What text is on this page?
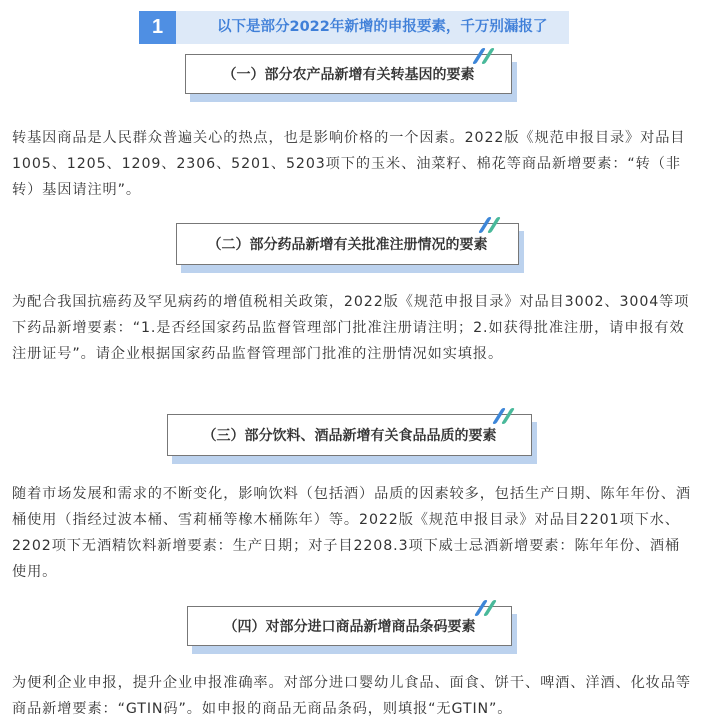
1	以下是部分2022年新增的申报要素，千万别漏报了
（一）部分农产品新增有关转基因的要素

转基因商品是人民群众普遍关心的热点，也是影响价格的一个因素。2022版《规范申报目录》对品目1005、1205、1209、2306、5201、5203项下的玉米、油菜籽、棉花等商品新增要素：“转（非转）基因请注明”。

（二）部分药品新增有关批准注册情况的要素

为配合我国抗癌药及罕见病药的增值税相关政策，2022版《规范申报目录》对品目3002、3004等项下药品新增要素：“1.是否经国家药品监督管理部门批准注册请注明；2.如获得批准注册，请申报有效注册证号”。请企业根据国家药品监督管理部门批准的注册情况如实填报。

（三）部分饮料、酒品新增有关食品品质的要素

随着市场发展和需求的不断变化，影响饮料（包括酒）品质的因素较多，包括生产日期、陈年年份、酒桶使用（指经过波本桶、雪莉桶等橡木桶陈年）等。2022版《规范申报目录》对品目2201项下水、2202项下无酒精饮料新增要素：生产日期；对子目2208.3项下威士忌酒新增要素：陈年年份、酒桶使用。

（四）对部分进口商品新增商品条码要素

为便利企业申报，提升企业申报准确率。对部分进口婴幼儿食品、面食、饼干、啤酒、洋酒、化妆品等商品新增要素：“GTIN码”。如申报的商品无商品条码，则填报“无GTIN”。
